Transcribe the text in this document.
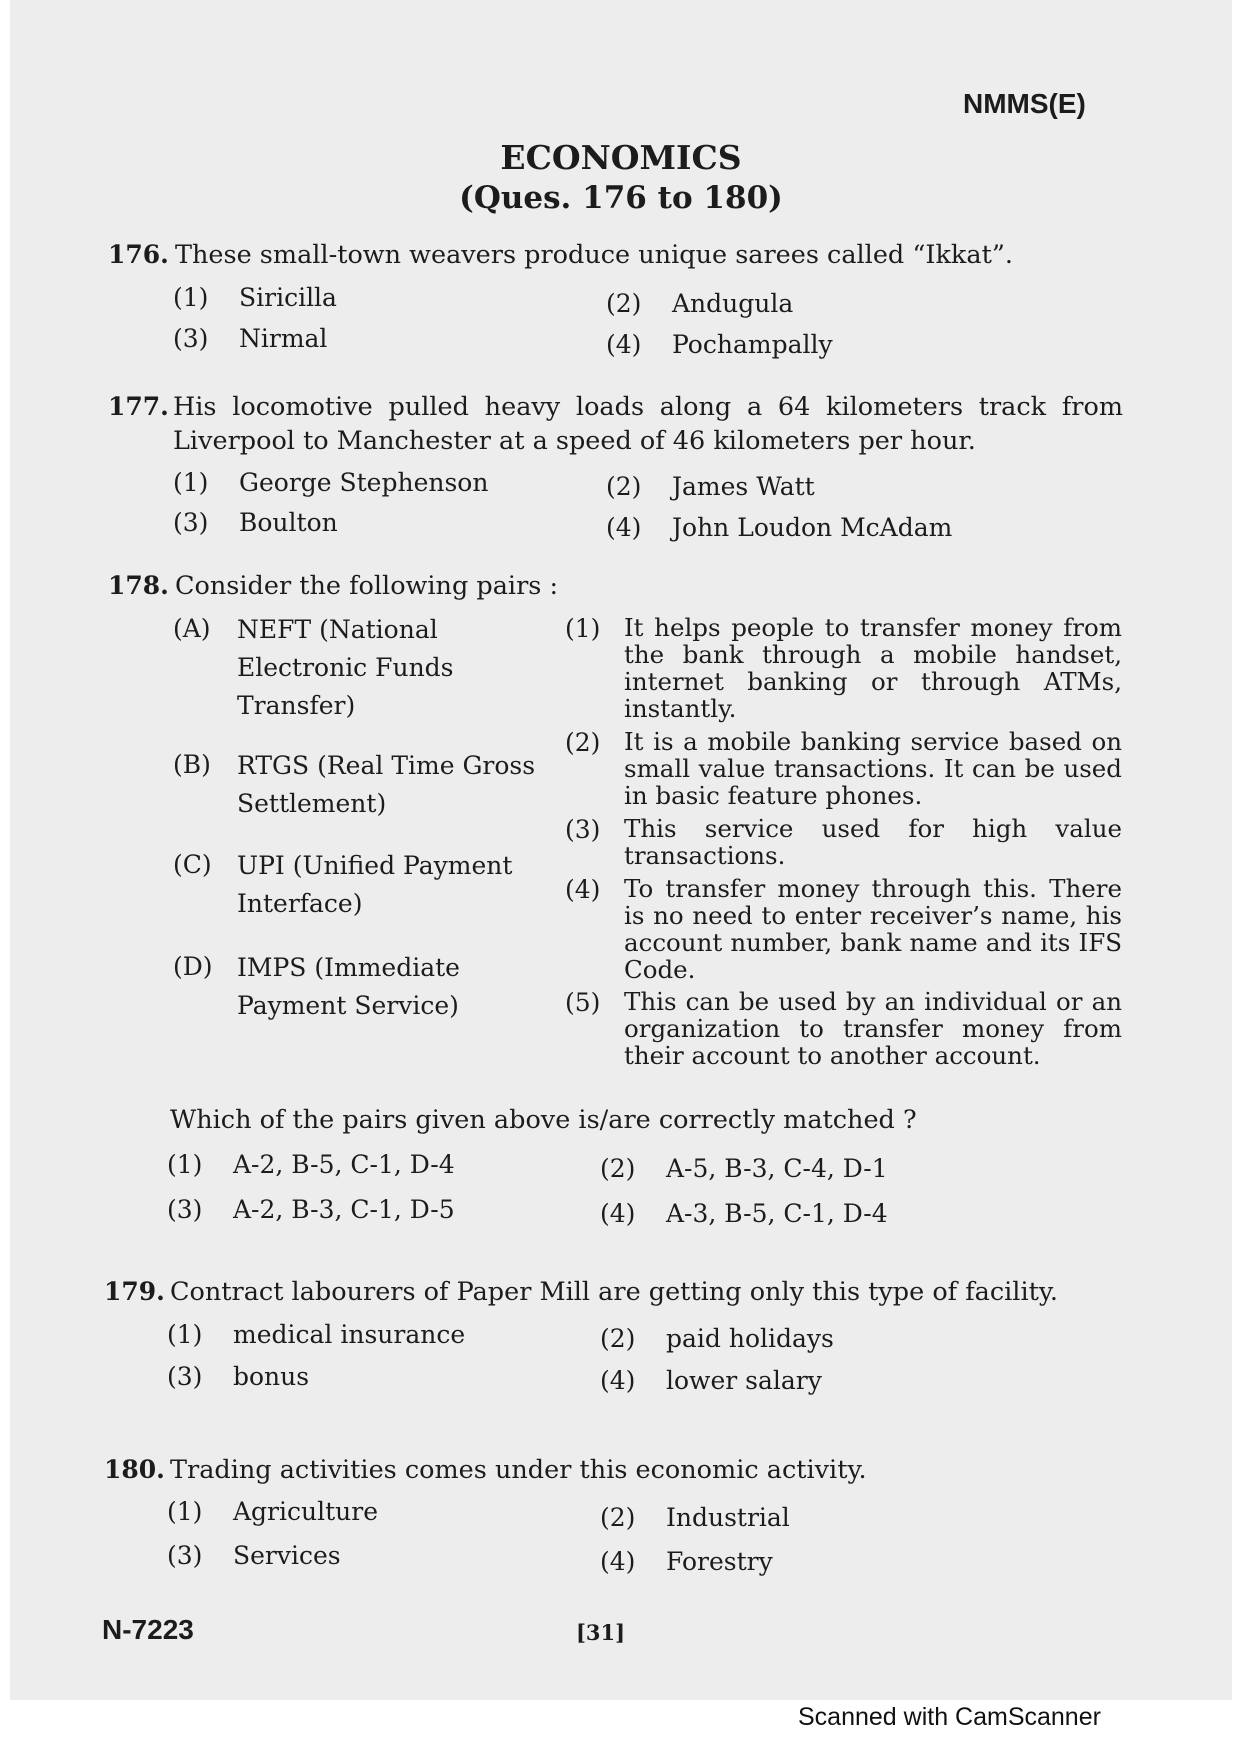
NMMS(E)
ECONOMICS
(Ques. 176 to 180)
176. These small-town weavers produce unique sarees called “Ikkat”.
(1) Siricilla	(2) Andugula
(3) Nirmal	(4) Pochampally
177. His locomotive pulled heavy loads along a 64 kilometers track from
Liverpool to Manchester at a speed of 46 kilometers per hour.
(1) George Stephenson	(2) James Watt
(3) Boulton	(4) John Loudon McAdam
178. Consider the following pairs :
(A) NEFT (National Electronic Funds Transfer)
(B) RTGS (Real Time Gross Settlement)
(C) UPI (Unified Payment Interface)
(D) IMPS (Immediate Payment Service)
(1) It helps people to transfer money from the bank through a mobile handset, internet banking or through ATMs, instantly.
(2) It is a mobile banking service based on small value transactions. It can be used in basic feature phones.
(3) This service used for high value transactions.
(4) To transfer money through this. There is no need to enter receiver’s name, his account number, bank name and its IFS Code.
(5) This can be used by an individual or an organization to transfer money from their account to another account.
Which of the pairs given above is/are correctly matched ?
(1) A-2, B-5, C-1, D-4	(2) A-5, B-3, C-4, D-1
(3) A-2, B-3, C-1, D-5	(4) A-3, B-5, C-1, D-4
179. Contract labourers of Paper Mill are getting only this type of facility.
(1) medical insurance	(2) paid holidays
(3) bonus	(4) lower salary
180. Trading activities comes under this economic activity.
(1) Agriculture	(2) Industrial
(3) Services	(4) Forestry
N-7223	[31]
Scanned with CamScanner
